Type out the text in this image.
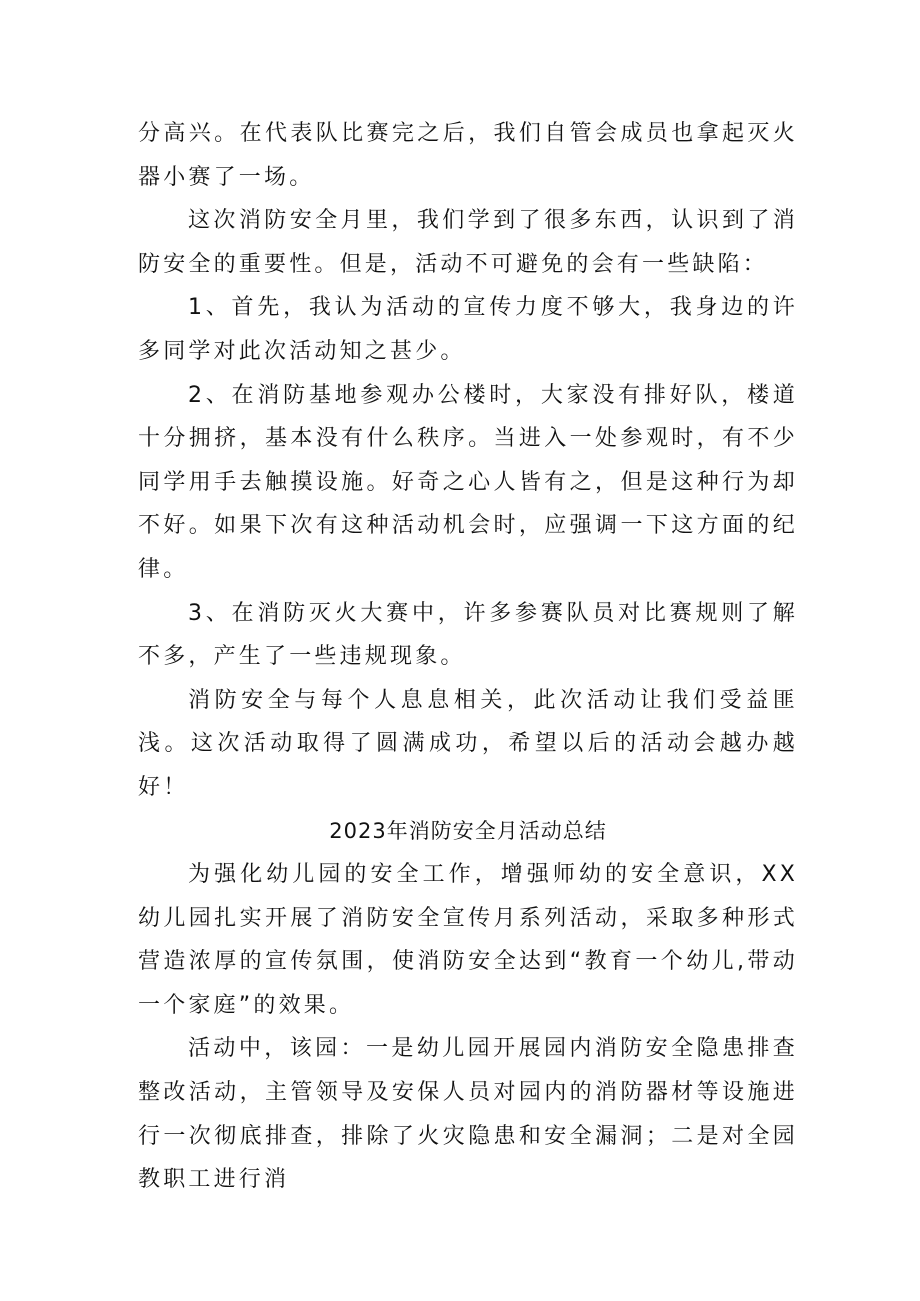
分高兴。在代表队比赛完之后，我们自管会成员也拿起灭火器小赛了一场。

这次消防安全月里，我们学到了很多东西，认识到了消防安全的重要性。但是，活动不可避免的会有一些缺陷：

1、首先，我认为活动的宣传力度不够大，我身边的许多同学对此次活动知之甚少。

2、在消防基地参观办公楼时，大家没有排好队，楼道十分拥挤，基本没有什么秩序。当进入一处参观时，有不少同学用手去触摸设施。好奇之心人皆有之，但是这种行为却不好。如果下次有这种活动机会时，应强调一下这方面的纪律。

3、在消防灭火大赛中，许多参赛队员对比赛规则了解不多，产生了一些违规现象。

消防安全与每个人息息相关，此次活动让我们受益匪浅。这次活动取得了圆满成功，希望以后的活动会越办越好！

2023年消防安全月活动总结

为强化幼儿园的安全工作，增强师幼的安全意识，XX幼儿园扎实开展了消防安全宣传月系列活动，采取多种形式营造浓厚的宣传氛围，使消防安全达到“教育一个幼儿,带动一个家庭”的效果。

活动中，该园：一是幼儿园开展园内消防安全隐患排查整改活动，主管领导及安保人员对园内的消防器材等设施进行一次彻底排查，排除了火灾隐患和安全漏洞；二是对全园教职工进行消
